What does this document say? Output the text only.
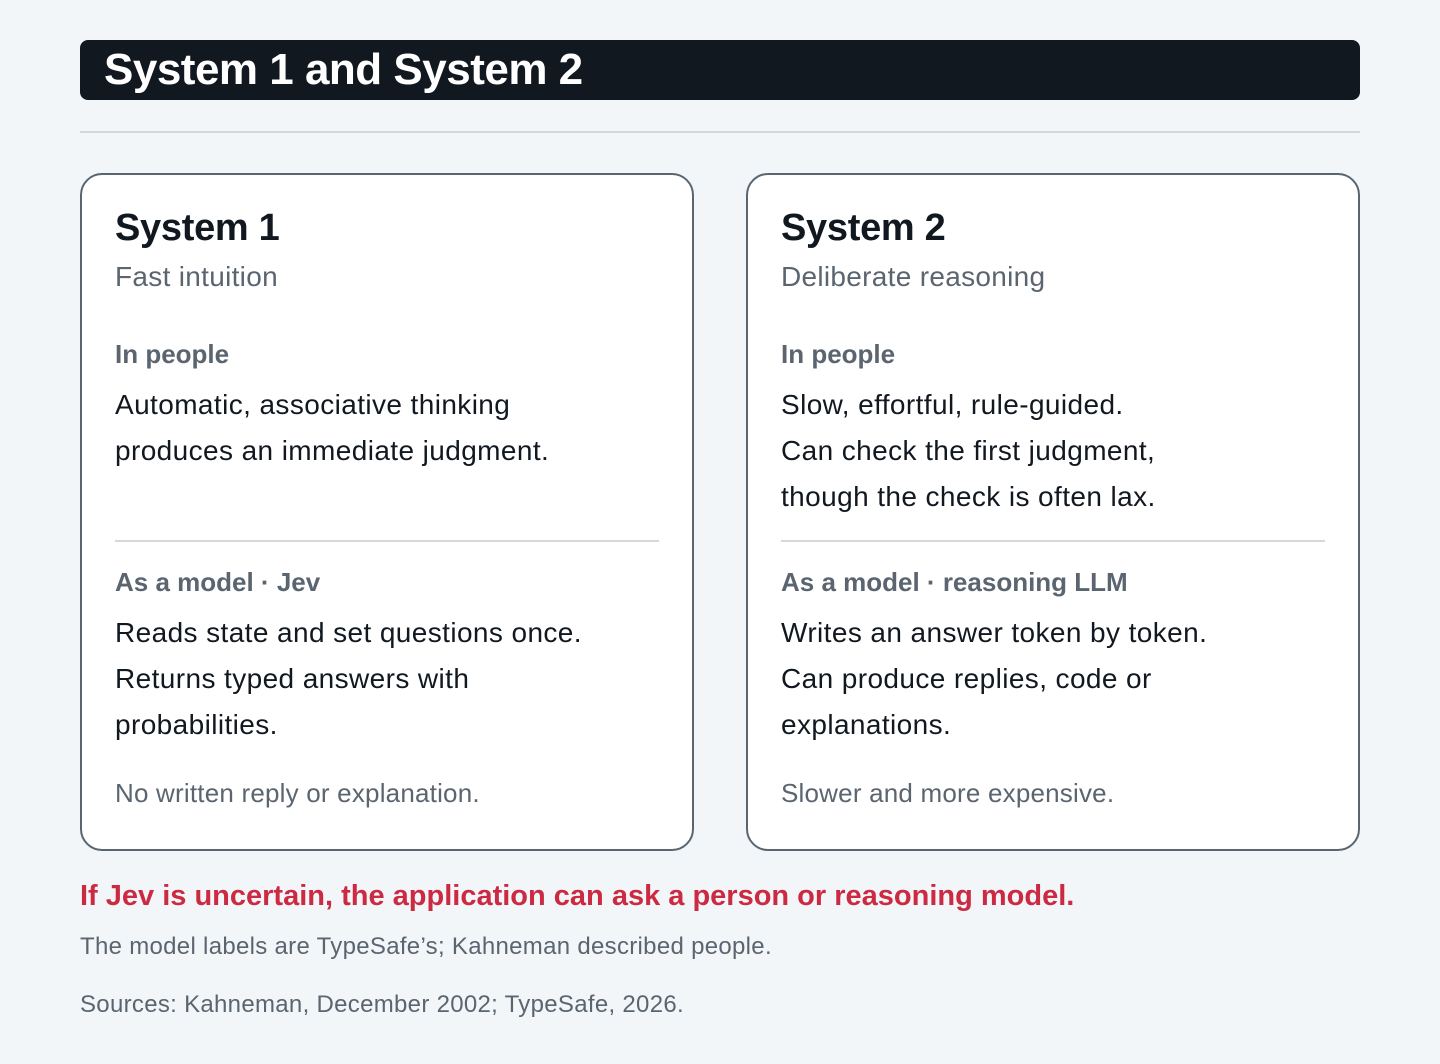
System 1 and System 2
System 1
Fast intuition
In people
Automatic, associative thinking
produces an immediate judgment.
As a model · Jev
Reads state and set questions once.
Returns typed answers with
probabilities.
No written reply or explanation.
System 2
Deliberate reasoning
In people
Slow, effortful, rule-guided.
Can check the first judgment,
though the check is often lax.
As a model · reasoning LLM
Writes an answer token by token.
Can produce replies, code or
explanations.
Slower and more expensive.
If Jev is uncertain, the application can ask a person or reasoning model.
The model labels are TypeSafe’s; Kahneman described people.
Sources: Kahneman, December 2002; TypeSafe, 2026.
